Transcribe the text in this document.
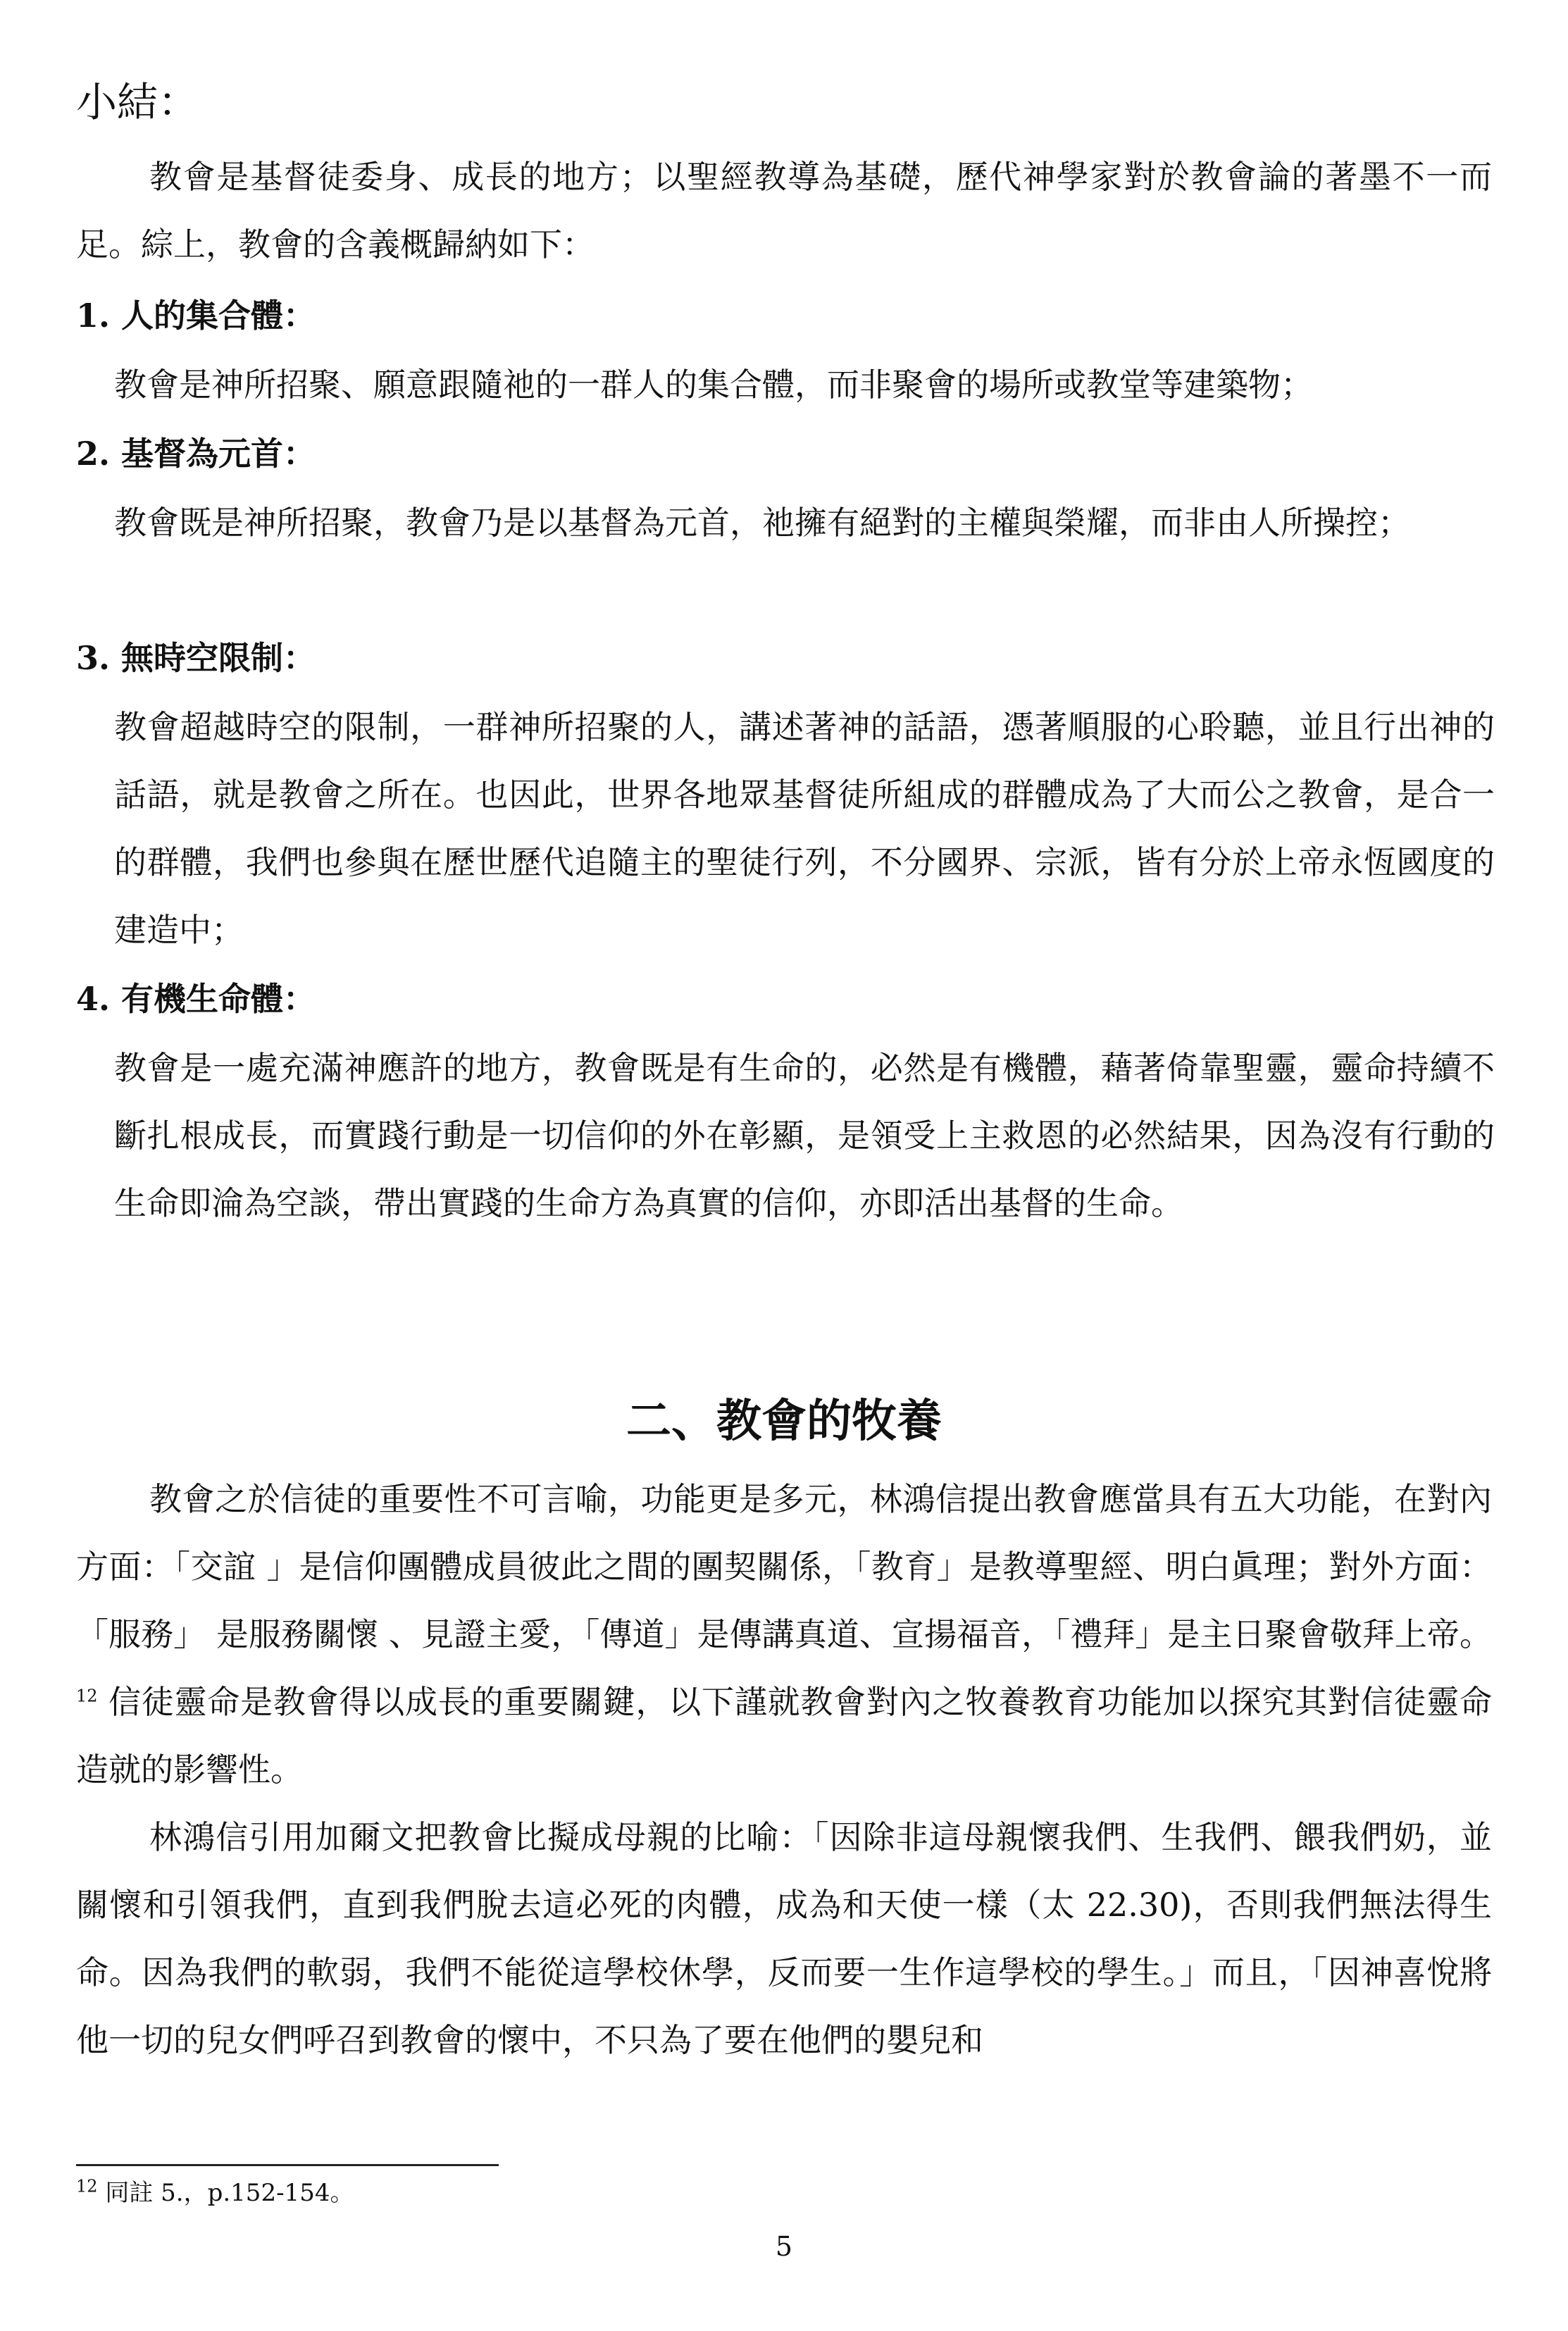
小結：

教會是基督徒委身、成長的地方；以聖經教導為基礎，歷代神學家對於教會論的著墨不一而足。綜上，教會的含義概歸納如下：

1. 人的集合體：

教會是神所招聚、願意跟隨祂的一群人的集合體，而非聚會的場所或教堂等建築物；

2. 基督為元首：

教會既是神所招聚，教會乃是以基督為元首，祂擁有絕對的主權與榮耀，而非由人所操控；

3. 無時空限制：

教會超越時空的限制，一群神所招聚的人，講述著神的話語，憑著順服的心聆聽，並且行出神的話語，就是教會之所在。也因此，世界各地眾基督徒所組成的群體成為了大而公之教會，是合一的群體，我們也參與在歷世歷代追隨主的聖徒行列，不分國界、宗派，皆有分於上帝永恆國度的建造中；

4. 有機生命體：

教會是一處充滿神應許的地方，教會既是有生命的，必然是有機體，藉著倚靠聖靈，靈命持續不斷扎根成長，而實踐行動是一切信仰的外在彰顯，是領受上主救恩的必然結果，因為沒有行動的生命即淪為空談，帶出實踐的生命方為真實的信仰，亦即活出基督的生命。

二、教會的牧養

教會之於信徒的重要性不可言喻，功能更是多元，林鴻信提出教會應當具有五大功能，在對內方面：「交誼 」是信仰團體成員彼此之間的團契關係，「教育」是教導聖經、明白眞理；對外方面：「服務」 是服務關懷 、見證主愛，「傳道」是傳講真道、宣揚福音，「禮拜」是主日聚會敬拜上帝。$^{12}$ 信徒靈命是教會得以成長的重要關鍵，以下謹就教會對內之牧養教育功能加以探究其對信徒靈命造就的影響性。

林鴻信引用加爾文把教會比擬成母親的比喻：「因除非這母親懷我們、生我們、餵我們奶，並關懷和引領我們，直到我們脫去這必死的肉體，成為和天使一樣（太 22.30)，否則我們無法得生命。因為我們的軟弱，我們不能從這學校休學，反而要一生作這學校的學生。」而且，「因神喜悅將他一切的兒女們呼召到教會的懷中，不只為了要在他們的嬰兒和

$^{12}$ 同註 5.，p.152-154。

5
